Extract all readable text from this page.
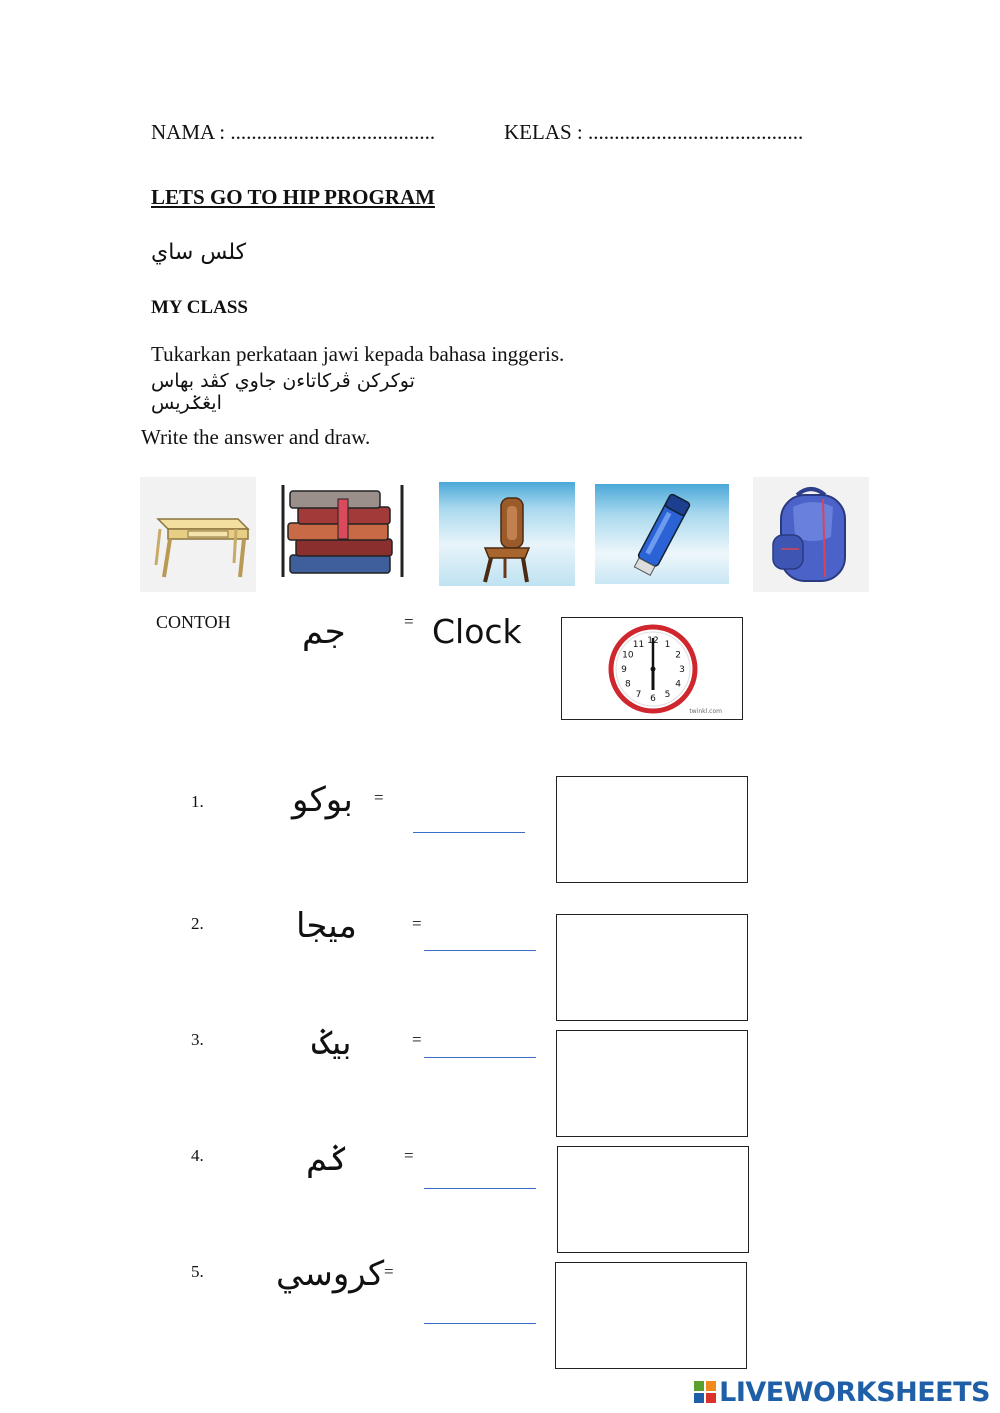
NAMA : .......................................	KELAS : .........................................
LETS GO TO HIP PROGRAM
كلس ساي
MY CLASS
Tukarkan perkataan jawi kepada bahasa inggeris.
توكركن ڤركاتاءن جاوي كڤد بهاس ايڠݢريس
Write the answer and draw.
CONTOH جم	= Clock	12 1
2
3
4
5
6
7
8
9
10
11
twinkl.com
1.	بوكو =
2.	ميجا	=
3.	بيݢ	=
4.	ݢم	=
5. كروسي =
LIVEWORKSHEETS
